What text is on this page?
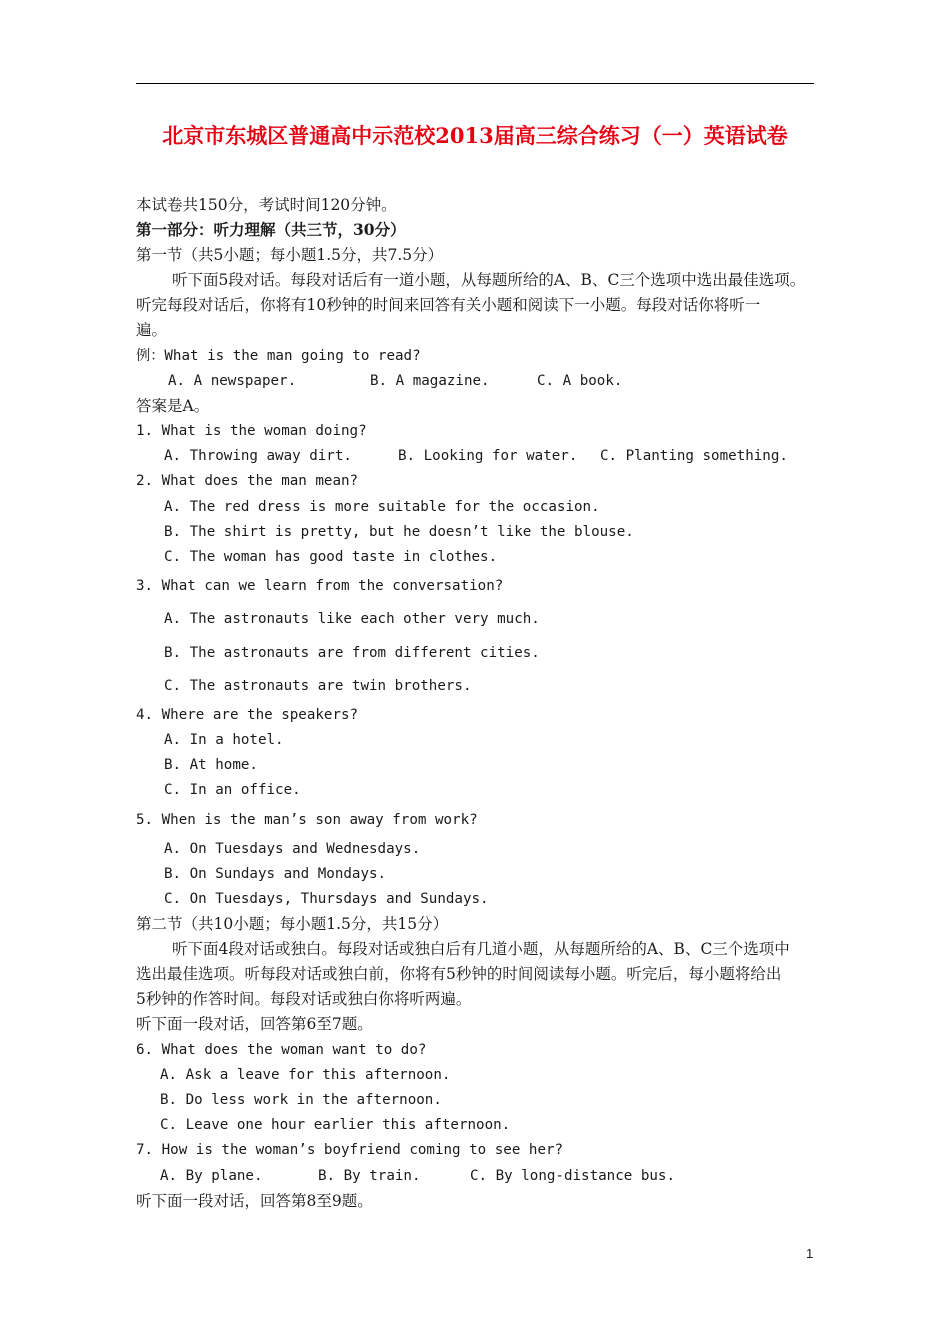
北京市东城区普通高中示范校2013届高三综合练习（一）英语试卷
本试卷共150分，考试时间120分钟。
第一部分：听力理解（共三节，30分）
第一节（共5小题；每小题1.5分，共7.5分）
听下面5段对话。每段对话后有一道小题，从每题所给的A、B、C三个选项中选出最佳选项。
听完每段对话后，你将有10秒钟的时间来回答有关小题和阅读下一小题。每段对话你将听一
遍。
例：What is the man going to read?
A. A newspaper.	B. A magazine.	C. A book.
答案是A。
1. What is the woman doing?
A. Throwing away dirt.	B. Looking for water. C. Planting something.
2. What does the man mean?
A. The red dress is more suitable for the occasion.
B. The shirt is pretty, but he doesn’t like the blouse.
C. The woman has good taste in clothes.
3. What can we learn from the conversation?
A. The astronauts like each other very much.
B. The astronauts are from different cities.
C. The astronauts are twin brothers.
4. Where are the speakers?
A. In a hotel.
B. At home.
C. In an office.
5. When is the man’s son away from work?
A. On Tuesdays and Wednesdays.
B. On Sundays and Mondays.
C. On Tuesdays, Thursdays and Sundays.
第二节（共10小题；每小题1.5分，共15分）
听下面4段对话或独白。每段对话或独白后有几道小题，从每题所给的A、B、C三个选项中
选出最佳选项。听每段对话或独白前，你将有5秒钟的时间阅读每小题。听完后，每小题将给出
5秒钟的作答时间。每段对话或独白你将听两遍。
听下面一段对话，回答第6至7题。
6. What does the woman want to do?
A. Ask a leave for this afternoon.
B. Do less work in the afternoon.
C. Leave one hour earlier this afternoon.
7. How is the woman’s boyfriend coming to see her?
A. By plane.	B. By train.	C. By long-distance bus.
听下面一段对话，回答第8至9题。
1
